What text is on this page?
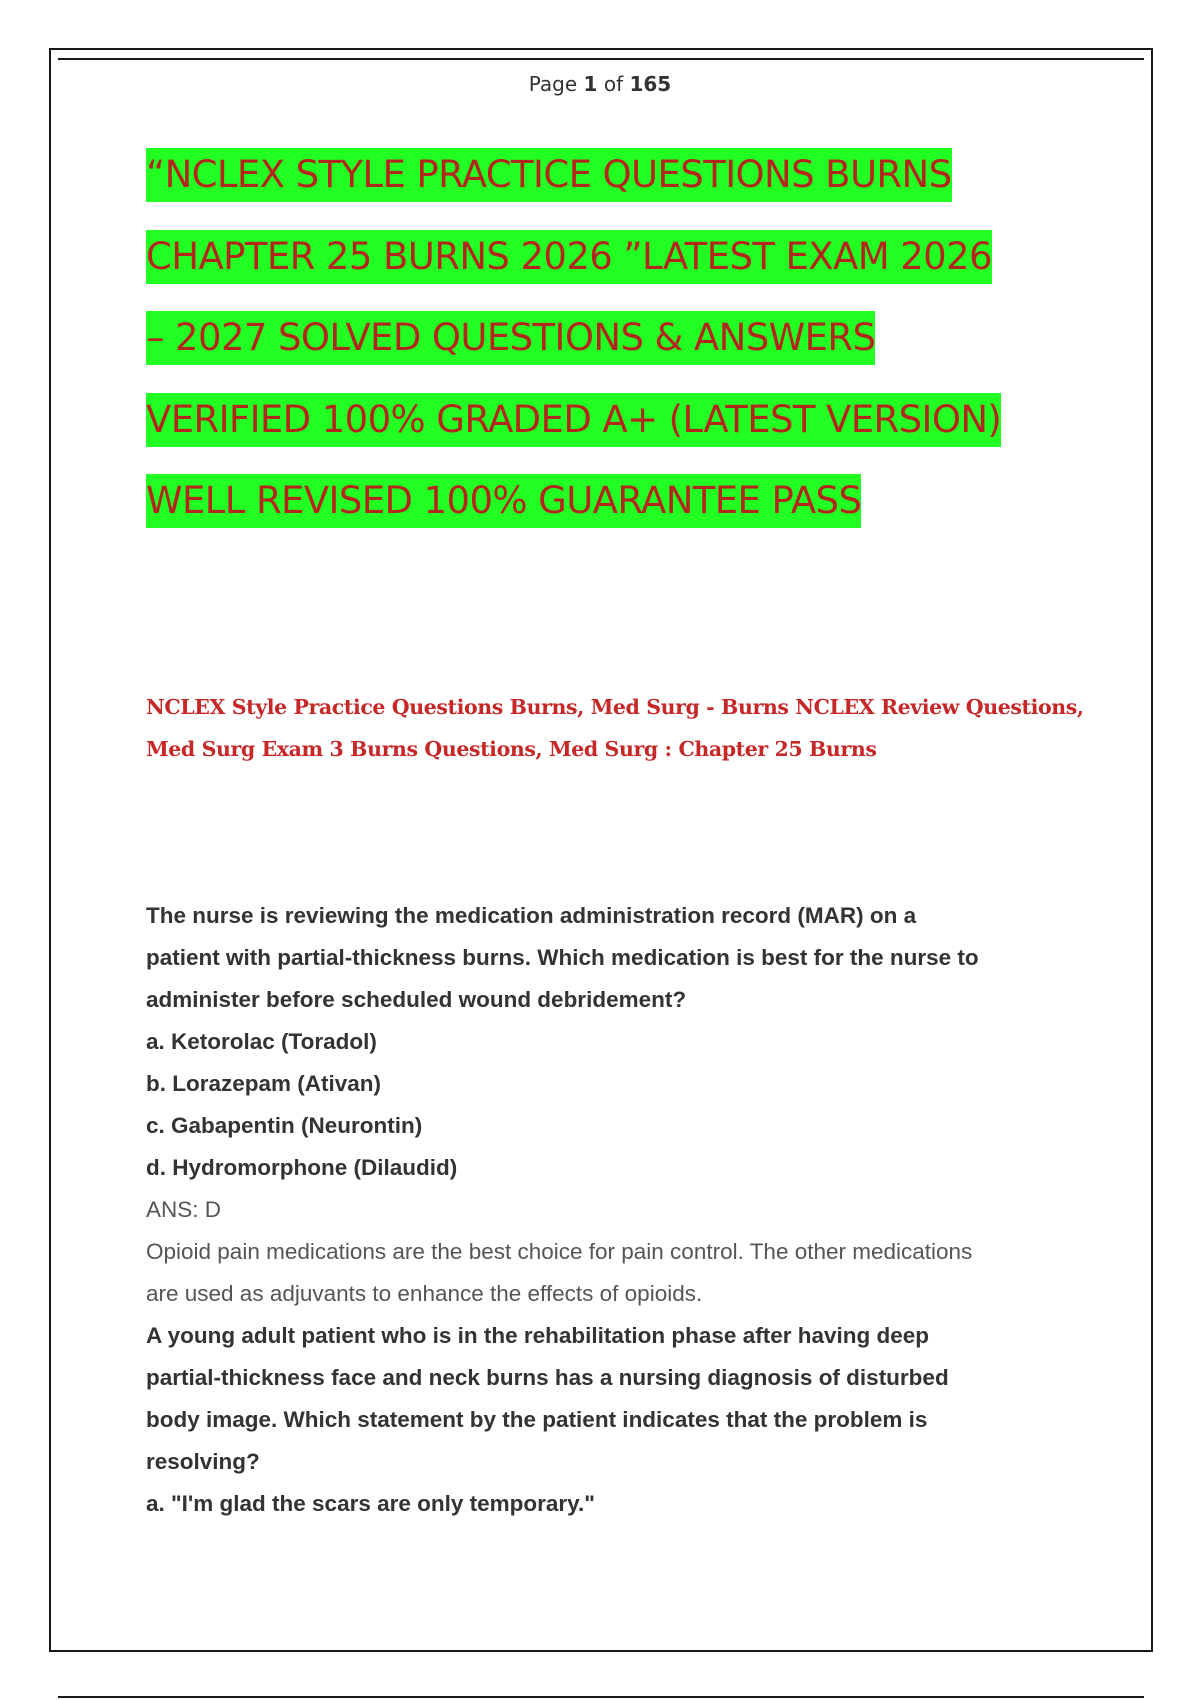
Page 1 of 165
“NCLEX STYLE PRACTICE QUESTIONS BURNS
CHAPTER 25 BURNS 2026 ”LATEST EXAM 2026
– 2027 SOLVED QUESTIONS & ANSWERS
VERIFIED 100% GRADED A+ (LATEST VERSION)
WELL REVISED 100% GUARANTEE PASS
NCLEX Style Practice Questions Burns, Med Surg - Burns NCLEX Review Questions,
Med Surg Exam 3 Burns Questions, Med Surg : Chapter 25 Burns
The nurse is reviewing the medication administration record (MAR) on a
patient with partial-thickness burns. Which medication is best for the nurse to
administer before scheduled wound debridement?
a. Ketorolac (Toradol)
b. Lorazepam (Ativan)
c. Gabapentin (Neurontin)
d. Hydromorphone (Dilaudid)
ANS: D
Opioid pain medications are the best choice for pain control. The other medications
are used as adjuvants to enhance the effects of opioids.
A young adult patient who is in the rehabilitation phase after having deep
partial-thickness face and neck burns has a nursing diagnosis of disturbed
body image. Which statement by the patient indicates that the problem is
resolving?
a. "I'm glad the scars are only temporary."
